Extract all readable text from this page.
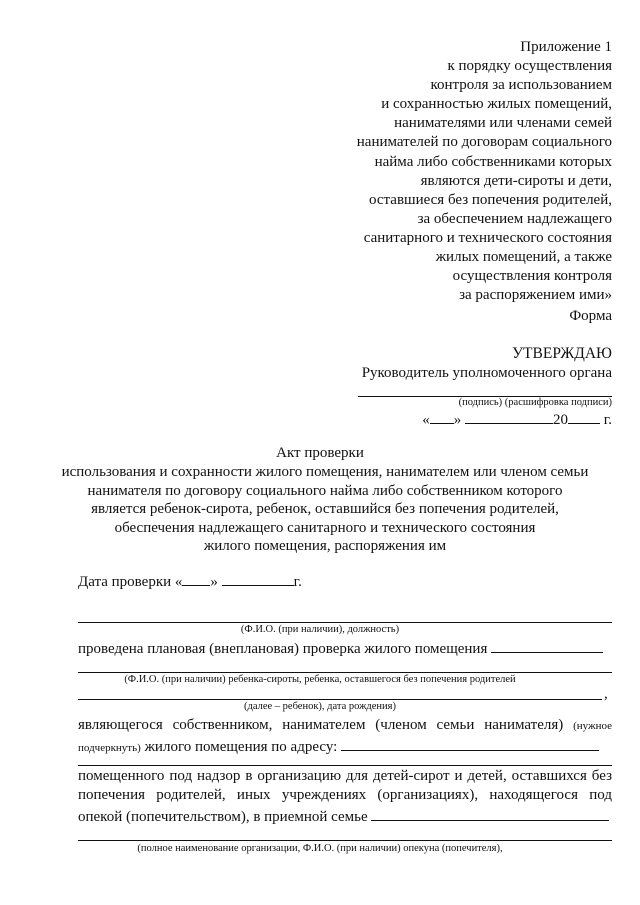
Приложение 1
к порядку осуществления
контроля за использованием
и сохранностью жилых помещений,
нанимателями или членами семей
нанимателей по договорам социального
найма либо собственниками которых
являются дети-сироты и дети,
оставшиеся без попечения родителей,
за обеспечением надлежащего
санитарного и технического состояния
жилых помещений, а также
осуществления контроля
за распоряжением ими»
Форма
УТВЕРЖДАЮ
Руководитель уполномоченного органа
(подпись) (расшифровка подписи)
« »	20 г.
Акт проверки
использования и сохранности жилого помещения, нанимателем или членом семьи
нанимателя по договору социального найма либо собственником которого
является ребенок-сирота, ребенок, оставшийся без попечения родителей,
обеспечения надлежащего санитарного и технического состояния
жилого помещения, распоряжения им
Дата проверки « »	г.
(Ф.И.О. (при наличии), должность)
проведена плановая (внеплановая) проверка жилого помещения
(Ф.И.О. (при наличии) ребенка-сироты, ребенка, оставшегося без попечения родителей
,
(далее – ребенок), дата рождения)
являющегося собственником, нанимателем (членом семьи нанимателя) (нужное
подчеркнуть) жилого помещения по адресу:
помещенного под надзор в организацию для детей-сирот и детей, оставшихся без
попечения родителей, иных учреждениях (организациях), находящегося под
опекой (попечительством), в приемной семье
(полное наименование организации, Ф.И.О. (при наличии) опекуна (попечителя),
